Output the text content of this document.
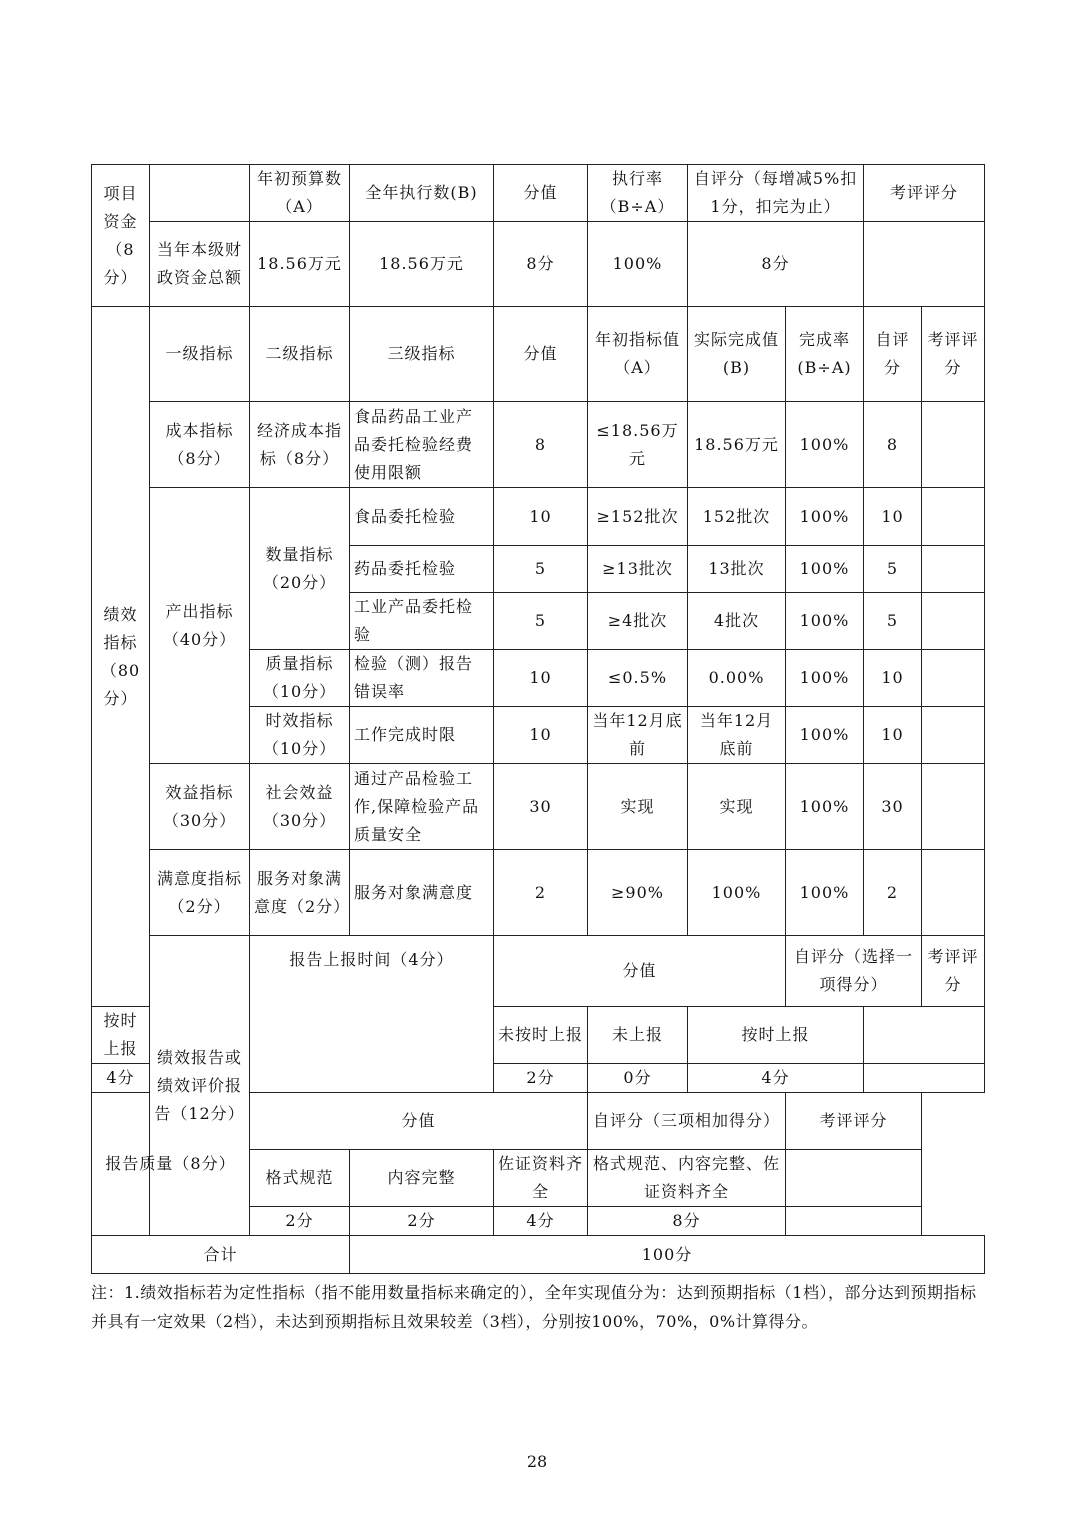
项目资金（8分）		年初预算数（A）	全年执行数(B)	分值	执行率（B÷A）	自评分（每增减5%扣1分，扣完为止）		考评评分		
	当年本级财政资金总额	18.56万元	18.56万元	8分	100%	8分				
绩效指标（80分）	一级指标	二级指标	三级指标	分值	年初指标值（A）	实际完成值(B)	完成率(B÷A)	自评分	考评评分	
	成本指标（8分）	经济成本指标（8分）	食品药品工业产品委托检验经费使用限额	8	≤18.56万元	18.56万元	100%	8		
	产出指标（40分）	数量指标（20分）	食品委托检验	10	≥152批次	152批次	100%	10		
			药品委托检验	5	≥13批次	13批次	100%	5		
			工业产品委托检验	5	≥4批次	4批次	100%	5		
		质量指标（10分）	检验（测）报告错误率	10	≤0.5%	0.00%	100%	10		
		时效指标（10分）	工作完成时限	10	当年12月底前	当年12月底前	100%	10		
	效益指标（30分）	社会效益（30分）	通过产品检验工作,保障检验产品质量安全	30	实现	实现	100%	30		
	满意度指标（2分）	服务对象满意度（2分）	服务对象满意度	2	≥90%	100%	100%	2		
	绩效报告或绩效评价报告（12分）	报告上报时间（4分）		分值			自评分（选择一项得分）		考评评分	
按时上报				未按时上报	未上报	按时上报				
4分				2分	0分	4分				
报告质量（8分）		分值			自评分（三项相加得分）		考评评分			
		格式规范	内容完整	佐证资料齐全	格式规范、内容完整、佐证资料齐全					
		2分	2分	4分	8分					
合计			100分							
注：1.绩效指标若为定性指标（指不能用数量指标来确定的），全年实现值分为：达到预期指标（1档），部分达到预期指标并具有一定效果（2档），未达到预期指标且效果较差（3档），分别按100%，70%，0%计算得分。
28
